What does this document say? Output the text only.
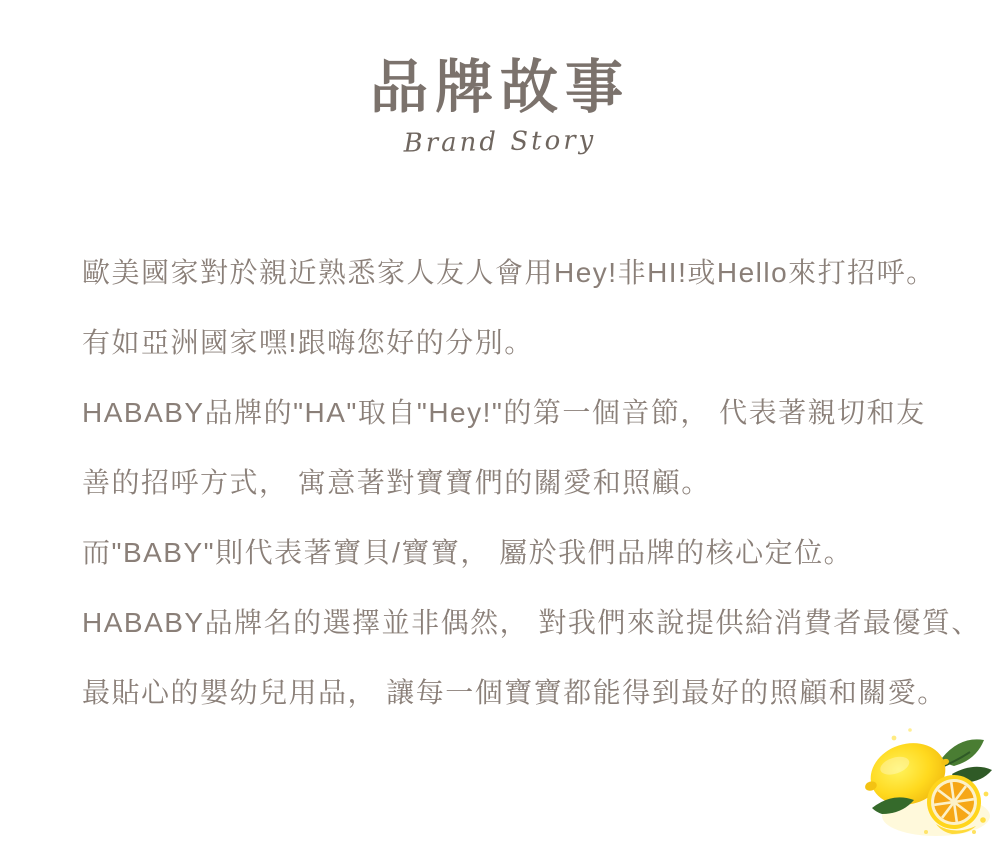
品牌故事
Brand Story
歐美國家對於親近熟悉家人友人會用Hey!非HI!或Hello來打招呼。
有如亞洲國家嘿!跟嗨您好的分別。
HABABY品牌的"HA"取自"Hey!"的第一個音節， 代表著親切和友
善的招呼方式， 寓意著對寶寶們的關愛和照顧。
而"BABY"則代表著寶貝/寶寶， 屬於我們品牌的核心定位。
HABABY品牌名的選擇並非偶然， 對我們來說提供給消費者最優質、
最貼心的嬰幼兒用品， 讓每一個寶寶都能得到最好的照顧和關愛。
